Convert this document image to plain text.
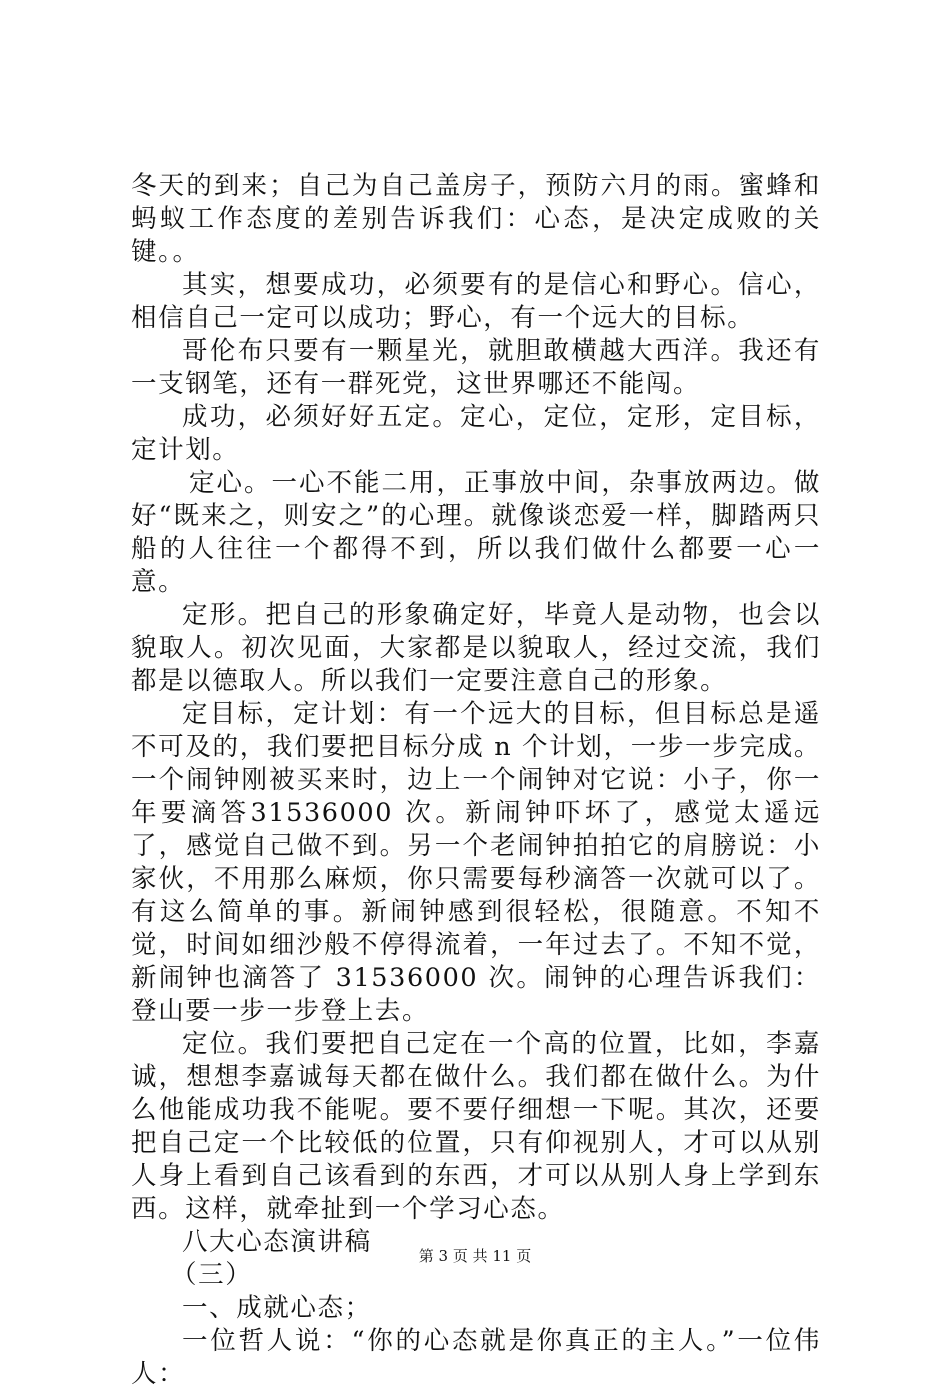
冬天的到来；自己为自己盖房子，预防六月的雨。蜜蜂和蚂蚁工作态度的差别告诉我们：心态，是决定成败的关键。。

其实，想要成功，必须要有的是信心和野心。信心，相信自己一定可以成功；野心，有一个远大的目标。

哥伦布只要有一颗星光，就胆敢横越大西洋。我还有一支钢笔，还有一群死党，这世界哪还不能闯。

成功，必须好好五定。定心，定位，定形，定目标，定计划。

定心。一心不能二用，正事放中间，杂事放两边。做好“既来之，则安之”的心理。就像谈恋爱一样，脚踏两只船的人往往一个都得不到，所以我们做什么都要一心一意。

定形。把自己的形象确定好，毕竟人是动物，也会以貌取人。初次见面，大家都是以貌取人，经过交流，我们都是以德取人。所以我们一定要注意自己的形象。

定目标，定计划：有一个远大的目标，但目标总是遥不可及的，我们要把目标分成 n 个计划，一步一步完成。一个闹钟刚被买来时，边上一个闹钟对它说：小子，你一年要滴答31536000 次。新闹钟吓坏了，感觉太遥远了，感觉自己做不到。另一个老闹钟拍拍它的肩膀说：小家伙，不用那么麻烦，你只需要每秒滴答一次就可以了。有这么简单的事。新闹钟感到很轻松，很随意。不知不觉，时间如细沙般不停得流着，一年过去了。不知不觉，新闹钟也滴答了 31536000 次。闹钟的心理告诉我们：登山要一步一步登上去。

定位。我们要把自己定在一个高的位置，比如，李嘉诚，想想李嘉诚每天都在做什么。我们都在做什么。为什么他能成功我不能呢。要不要仔细想一下呢。其次，还要把自己定一个比较低的位置，只有仰视别人，才可以从别人身上看到自己该看到的东西，才可以从别人身上学到东西。这样，就牵扯到一个学习心态。

八大心态演讲稿

（三）

一、成就心态；

一位哲人说：“你的心态就是你真正的主人。”一位伟人：

第 3 页 共 11 页
